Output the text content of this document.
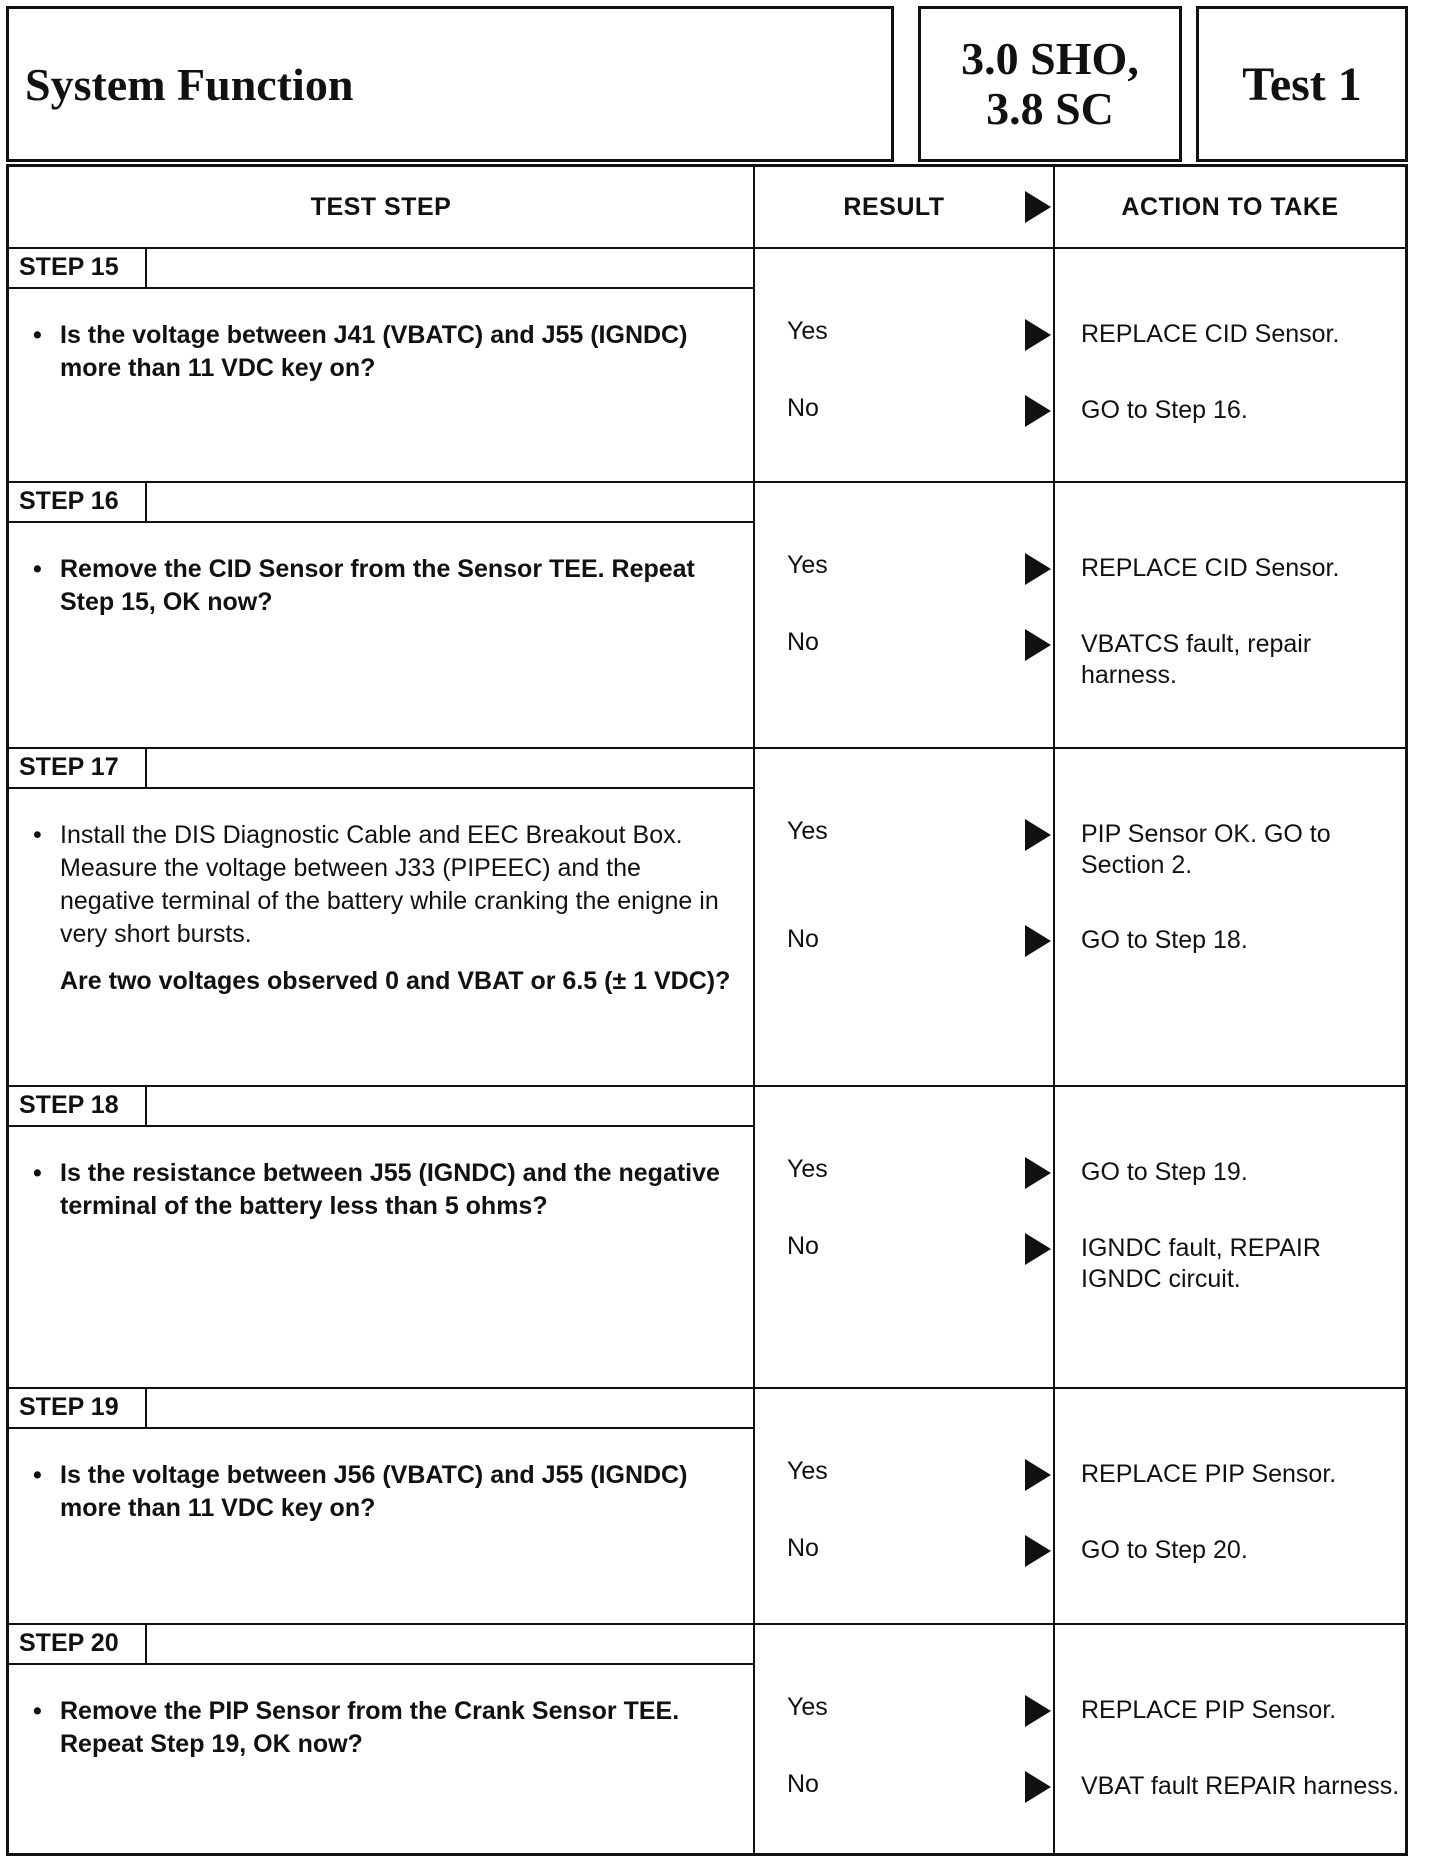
System Function	3.0 SHO,
3.8 SC	Test 1
TEST STEP	RESULT	ACTION TO TAKE
STEP 15
• Is the voltage between J41 (VBATC) and J55 (IGNDC) more than 11 VDC key on?
Yes	REPLACE CID Sensor.
No	GO to Step 16.
STEP 16
• Remove the CID Sensor from the Sensor TEE. Repeat Step 15, OK now?
Yes	REPLACE CID Sensor.
No	VBATCS fault, repair harness.
STEP 17
• Install the DIS Diagnostic Cable and EEC Breakout Box. Measure the voltage between J33 (PIPEEC) and the negative terminal of the battery while cranking the enigne in very short bursts.
Are two voltages observed 0 and VBAT or 6.5 (± 1 VDC)?
Yes	PIP Sensor OK. GO to Section 2.
No	GO to Step 18.
STEP 18
• Is the resistance between J55 (IGNDC) and the negative terminal of the battery less than 5 ohms?
Yes	GO to Step 19.
No	IGNDC fault, REPAIR IGNDC circuit.
STEP 19
• Is the voltage between J56 (VBATC) and J55 (IGNDC) more than 11 VDC key on?
Yes	REPLACE PIP Sensor.
No	GO to Step 20.
STEP 20
• Remove the PIP Sensor from the Crank Sensor TEE. Repeat Step 19, OK now?
Yes	REPLACE PIP Sensor.
No	VBAT fault REPAIR harness.
